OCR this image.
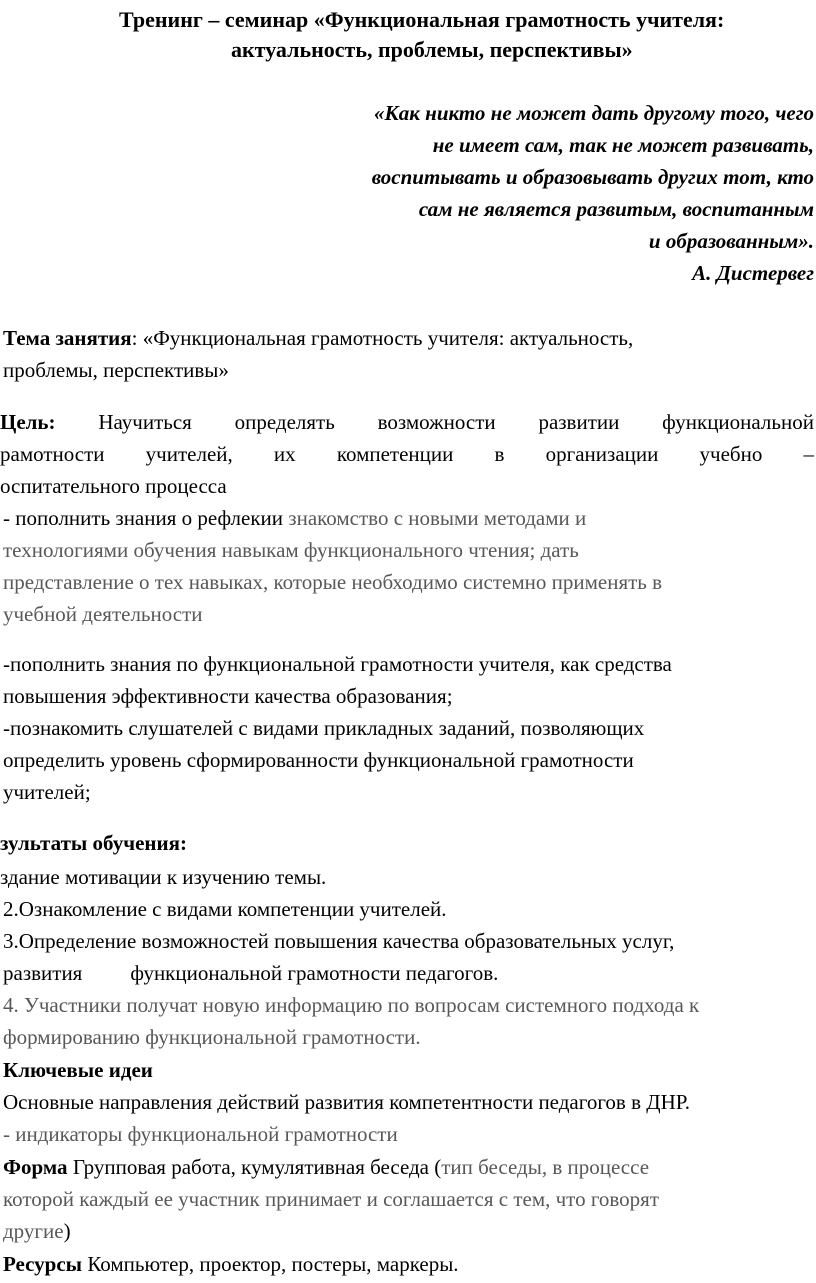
Тренинг – семинар «Функциональная грамотность учителя:
актуальность, проблемы, перспективы»
«Как никто не может дать другому того, чего
не имеет сам, так не может развивать,
воспитывать и образовывать других тот, кто
сам не является развитым, воспитанным
и образованным».
А. Дистервег
Тема занятия: «Функциональная грамотность учителя: актуальность,
проблемы, перспективы»
Цель: Научиться определять возможности развитии функциональной
рамотности учителей, их компетенции в организации учебно –
оспитательного процесса
- пополнить знания о рефлекии знакомство с новыми методами и
технологиями обучения навыкам функционального чтения; дать
представление о тех навыках, которые необходимо системно применять в
учебной деятельности
-пополнить знания по функциональной грамотности учителя, как средства
повышения эффективности качества образования;
-познакомить слушателей с видами прикладных заданий, позволяющих
определить уровень сформированности функциональной грамотности
учителей;
зультаты обучения:
здание мотивации к изучению темы.
2.Ознакомление с видами компетенции учителей.
3.Определение возможностей повышения качества образовательных услуг,
развития функциональной грамотности педагогов.
4. Участники получат новую информацию по вопросам системного подхода к
формированию функциональной грамотности.
Ключевые идеи
Основные направления действий развития компетентности педагогов в ДНР.
- индикаторы функциональной грамотности
Форма Групповая работа, кумулятивная беседа (тип беседы, в процессе
которой каждый ее участник принимает и соглашается с тем, что говорят
другие)
Ресурсы Компьютер, проектор, постеры, маркеры.
